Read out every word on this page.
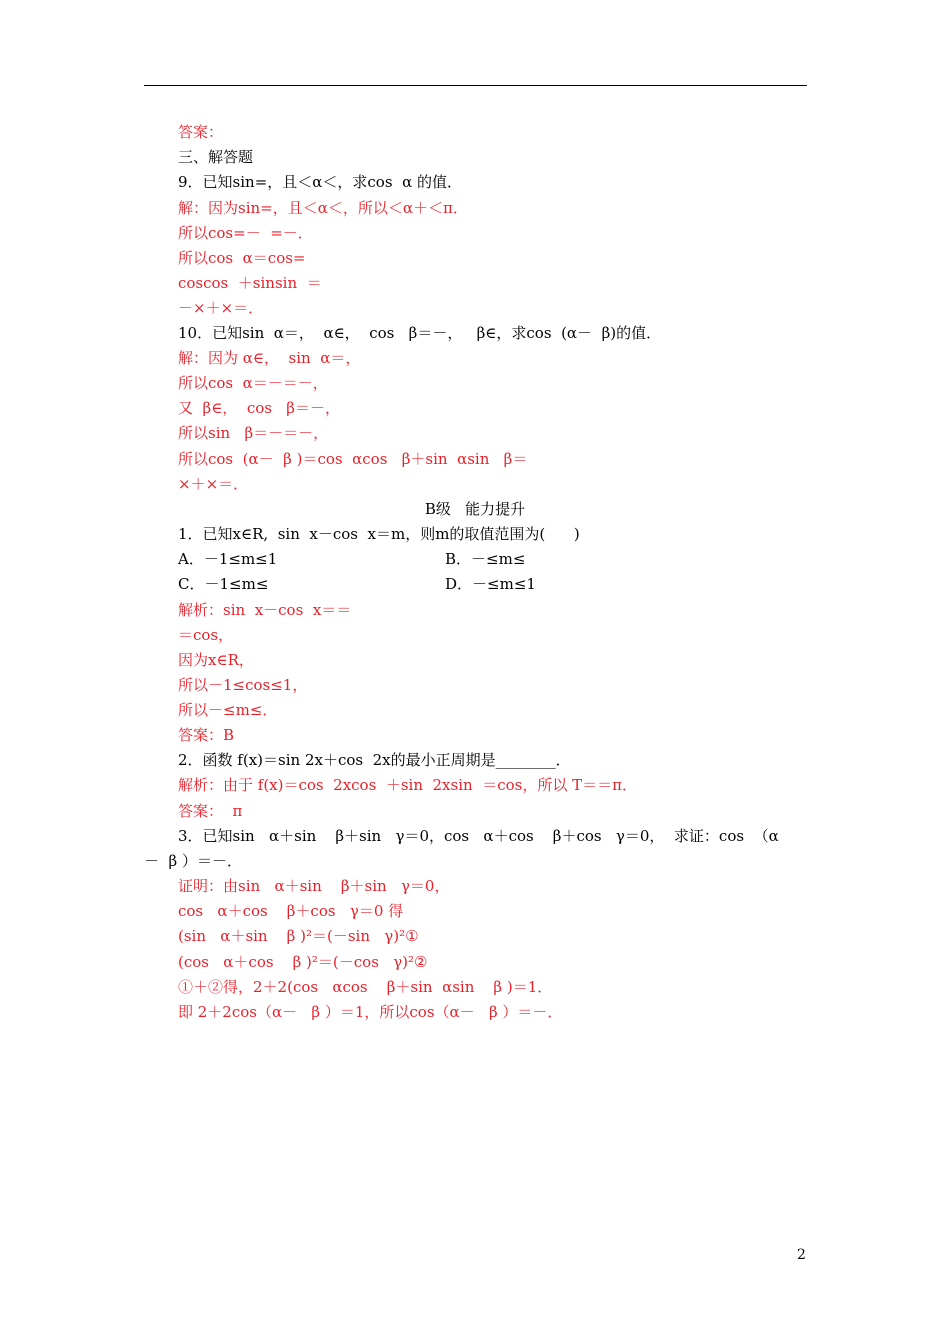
答案：
三、解答题
9．已知sin=，且＜α＜，求cos  α 的值．
解：因为sin=，且＜α＜，所以＜α＋＜π．
所以cos=－  =－．
所以cos  α＝cos=
coscos  ＋sinsin  ＝
－×＋×＝．
10．已知sin  α＝，  α∈，  cos   β＝－，   β∈，求cos  (α－  β)的值．
解：因为 α∈，  sin  α＝，
所以cos  α＝－＝－，
又  β∈，  cos   β＝－，
所以sin   β＝－＝－，
所以cos  (α－  β )＝cos  αcos   β＋sin  αsin   β＝
×＋×＝．
B级   能力提升
1．已知x∈R,  sin  x－cos  x＝m，则m的取值范围为(      )
A．－1≤m≤1	B．－≤m≤
C．－1≤m≤	D．－≤m≤1
解析：sin  x－cos  x＝＝
＝cos，
因为x∈R，
所以－1≤cos≤1，
所以－≤m≤．
答案：B
2．函数 f(x)＝sin 2x＋cos  2x的最小正周期是________．
解析：由于 f(x)＝cos  2xcos  ＋sin  2xsin  ＝cos，所以 T＝＝π．
答案：  π
3．已知sin   α＋sin    β＋sin   γ＝0，cos   α＋cos    β＋cos   γ＝0，  求证：cos  （α
－  β ）＝－．
证明：由sin   α＋sin    β＋sin   γ＝0，
cos   α＋cos    β＋cos   γ＝0 得
(sin   α＋sin    β )²＝(－sin   γ)²①
(cos   α＋cos    β )²＝(－cos   γ)²②
①＋②得，2＋2(cos   αcos    β＋sin  αsin    β )＝1．
即 2＋2cos（α－   β ）＝1，所以cos（α－   β ）＝－．
2
